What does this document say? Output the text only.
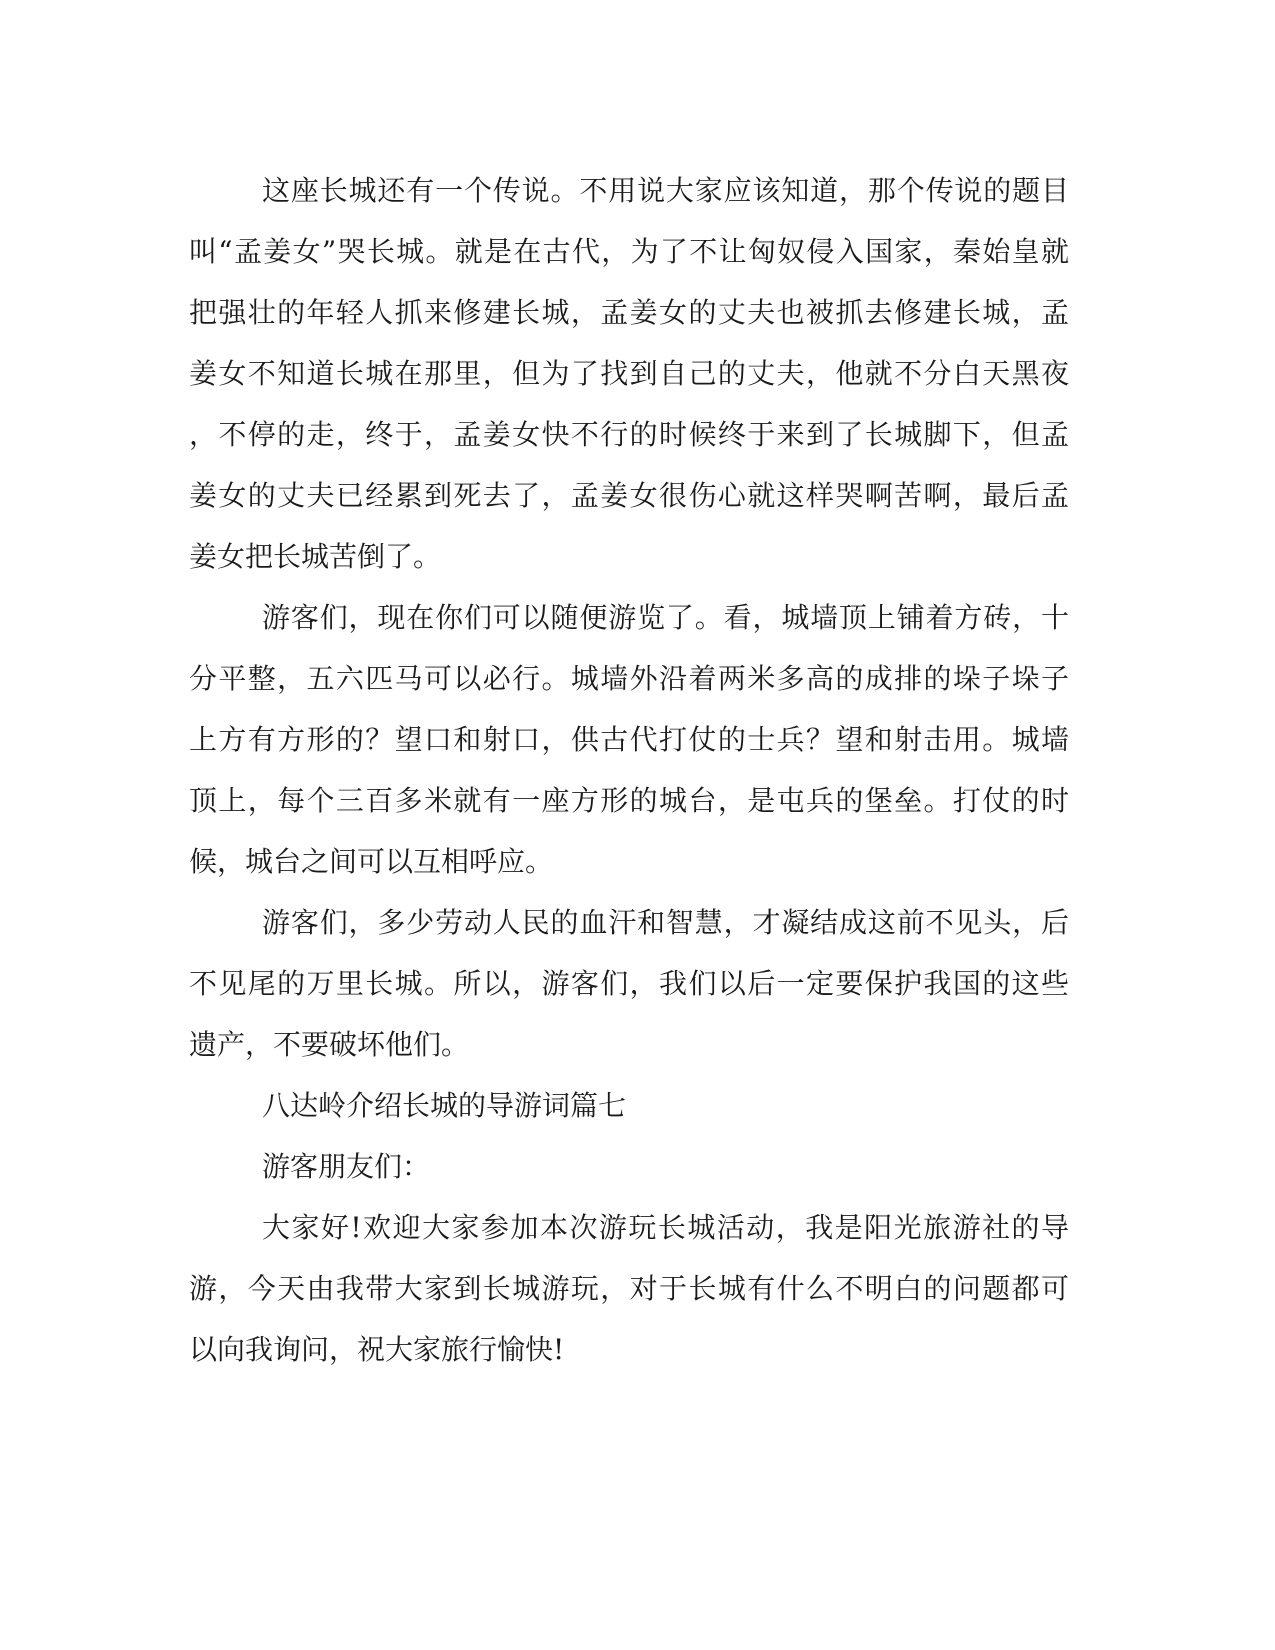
这座长城还有一个传说。不用说大家应该知道，那个传说的题目
叫“孟姜女”哭长城。就是在古代，为了不让匈奴侵入国家，秦始皇就
把强壮的年轻人抓来修建长城，孟姜女的丈夫也被抓去修建长城，孟
姜女不知道长城在那里，但为了找到自己的丈夫，他就不分白天黑夜
，不停的走，终于，孟姜女快不行的时候终于来到了长城脚下，但孟
姜女的丈夫已经累到死去了，孟姜女很伤心就这样哭啊苦啊，最后孟
姜女把长城苦倒了。
游客们，现在你们可以随便游览了。看，城墙顶上铺着方砖，十
分平整，五六匹马可以必行。城墙外沿着两米多高的成排的垛子垛子
上方有方形的？望口和射口，供古代打仗的士兵？望和射击用。城墙
顶上，每个三百多米就有一座方形的城台，是屯兵的堡垒。打仗的时
候，城台之间可以互相呼应。
游客们，多少劳动人民的血汗和智慧，才凝结成这前不见头，后
不见尾的万里长城。所以，游客们，我们以后一定要保护我国的这些
遗产，不要破坏他们。
八达岭介绍长城的导游词篇七
游客朋友们：
大家好!欢迎大家参加本次游玩长城活动，我是阳光旅游社的导
游，今天由我带大家到长城游玩，对于长城有什么不明白的问题都可
以向我询问，祝大家旅行愉快!
